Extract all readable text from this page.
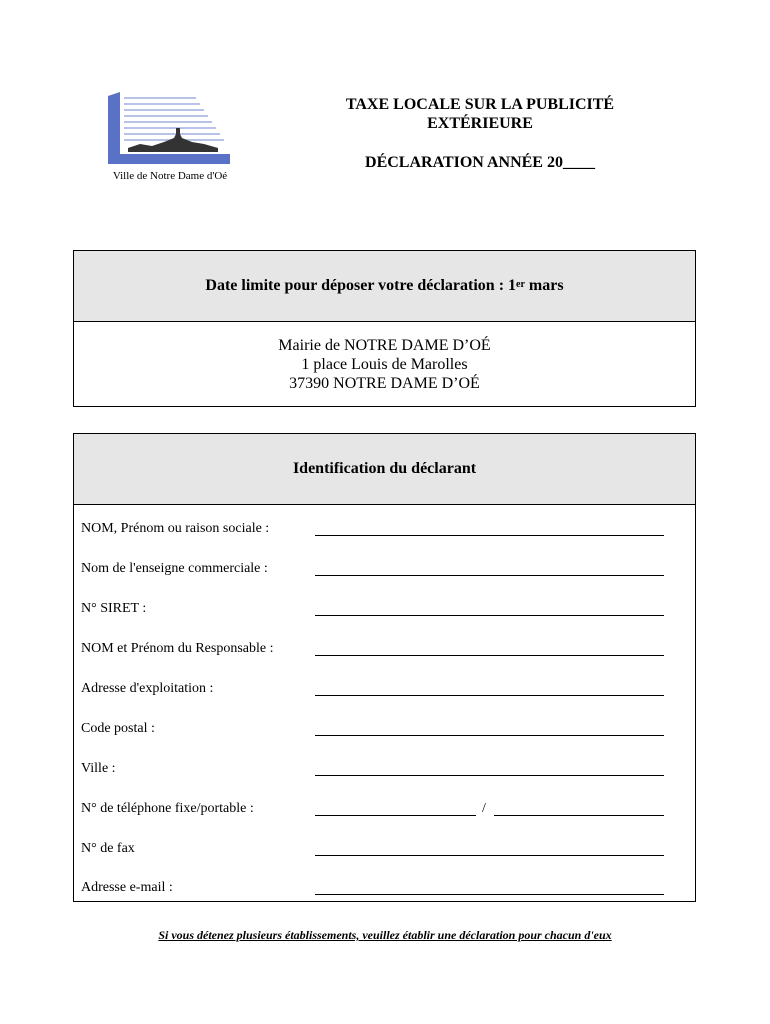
Ville de Notre Dame d'Oé
TAXE LOCALE SUR LA PUBLICITÉ
EXTÉRIEURE
DÉCLARATION ANNÉE 20____
Date limite pour déposer votre déclaration : 1er mars
Mairie de NOTRE DAME D’OÉ
1 place Louis de Marolles
37390 NOTRE DAME D’OÉ
Identification du déclarant
NOM, Prénom ou raison sociale :
Nom de l'enseigne commerciale :
N° SIRET :
NOM et Prénom du Responsable :
Adresse d'exploitation :
Code postal :
Ville :
N° de téléphone fixe/portable :	/
N° de fax
Adresse e-mail :
Si vous détenez plusieurs établissements, veuillez établir une déclaration pour chacun d'eux
